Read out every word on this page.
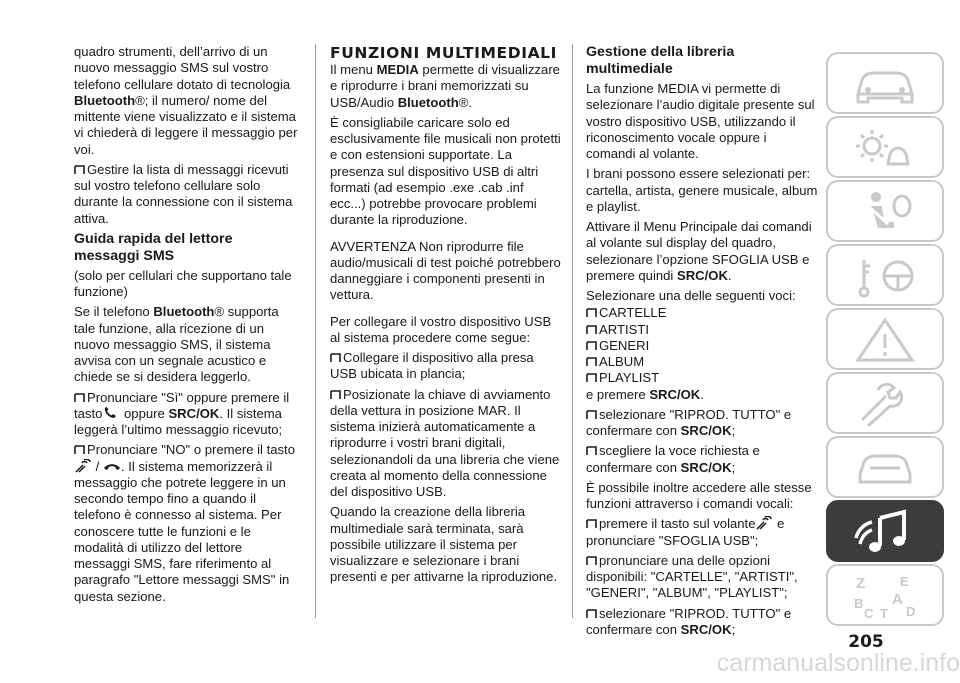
quadro strumenti, dell’arrivo di un nuovo messaggio SMS sul vostro telefono cellulare dotato di tecnologia Bluetooth®; il numero/ nome del mittente viene visualizzato e il sistema vi chiederà di leggere il messaggio per voi.

Gestire la lista di messaggi ricevuti sul vostro telefono cellulare solo durante la connessione con il sistema attiva.

Guida rapida del lettore messaggi SMS

(solo per cellulari che supportano tale funzione)

Se il telefono Bluetooth® supporta tale funzione, alla ricezione di un nuovo messaggio SMS, il sistema avvisa con un segnale acustico e chiede se si desidera leggerlo.

Pronunciare "Sì" oppure premere il tasto oppure SRC/OK. Il sistema leggerà l’ultimo messaggio ricevuto;

Pronunciare "NO" o premere il tasto
/ . Il sistema memorizzerà il messaggio che potrete leggere in un secondo tempo fino a quando il telefono è connesso al sistema. Per conoscere tutte le funzioni e le modalità di utilizzo del lettore messaggi SMS, fare riferimento al paragrafo "Lettore messaggi SMS" in questa sezione.

FUNZIONI MULTIMEDIALI

Il menu MEDIA permette di visualizzare e riprodurre i brani memorizzati su USB/Audio Bluetooth®.

È consigliabile caricare solo ed esclusivamente file musicali non protetti e con estensioni supportate. La presenza sul dispositivo USB di altri formati (ad esempio .exe .cab .inf ecc...) potrebbe provocare problemi durante la riproduzione.

AVVERTENZA Non riprodurre file audio/musicali di test poiché potrebbero danneggiare i componenti presenti in vettura.

Per collegare il vostro dispositivo USB al sistema procedere come segue:

Collegare il dispositivo alla presa USB ubicata in plancia;

Posizionate la chiave di avviamento della vettura in posizione MAR. Il sistema inizierà automaticamente a riprodurre i vostri brani digitali, selezionandoli da una libreria che viene creata al momento della connessione del dispositivo USB.

Quando la creazione della libreria multimediale sarà terminata, sarà possibile utilizzare il sistema per visualizzare e selezionare i brani presenti e per attivarne la riproduzione.

Gestione della libreria multimediale

La funzione MEDIA vi permette di selezionare l’audio digitale presente sul vostro dispositivo USB, utilizzando il riconoscimento vocale oppure i comandi al volante.

I brani possono essere selezionati per: cartella, artista, genere musicale, album e playlist.

Attivare il Menu Principale dai comandi al volante sul display del quadro, selezionare l’opzione SFOGLIA USB e premere quindi SRC/OK.

Selezionare una delle seguenti voci:

CARTELLE
ARTISTI
GENERI
ALBUM
PLAYLIST

e premere SRC/OK.

selezionare "RIPROD. TUTTO" e confermare con SRC/OK;

scegliere la voce richiesta e confermare con SRC/OK;

È possibile inoltre accedere alle stesse funzioni attraverso i comandi vocali:

premere il tasto sul volante e pronunciare "SFOGLIA USB";

pronunciare una delle opzioni disponibili: "CARTELLE", "ARTISTI", "GENERI", "ALBUM", "PLAYLIST";

selezionare "RIPROD. TUTTO" e confermare con SRC/OK;

Z	E
A
B
C T D
205
carmanualsonline.info
